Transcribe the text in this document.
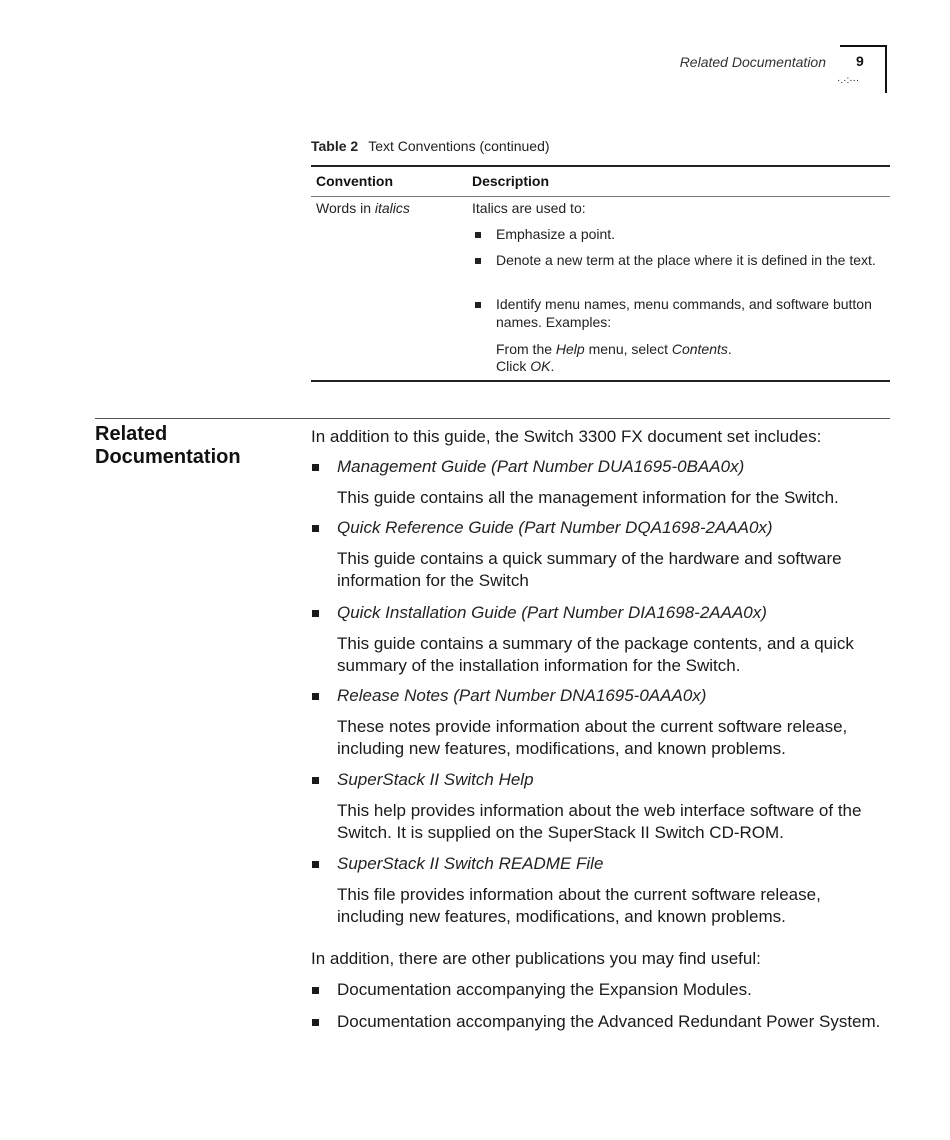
Related Documentation 9
·.·:···
Table 2 Text Conventions (continued)
Convention	Description
Words in italics	Italics are used to:
Emphasize a point.
Denote a new term at the place where it is defined in the text.
Identify menu names, menu commands, and software button names. Examples:
From the Help menu, select Contents.
Click OK.
Related
Documentation
In addition to this guide, the Switch 3300 FX document set includes:
Management Guide (Part Number DUA1695-0BAA0x)
This guide contains all the management information for the Switch.
Quick Reference Guide (Part Number DQA1698-2AAA0x)
This guide contains a quick summary of the hardware and software information for the Switch
Quick Installation Guide (Part Number DIA1698-2AAA0x)
This guide contains a summary of the package contents, and a quick summary of the installation information for the Switch.
Release Notes (Part Number DNA1695-0AAA0x)
These notes provide information about the current software release, including new features, modifications, and known problems.
SuperStack II Switch Help
This help provides information about the web interface software of the Switch. It is supplied on the SuperStack II Switch CD-ROM.
SuperStack II Switch README File
This file provides information about the current software release, including new features, modifications, and known problems.
In addition, there are other publications you may find useful:
Documentation accompanying the Expansion Modules.
Documentation accompanying the Advanced Redundant Power System.
